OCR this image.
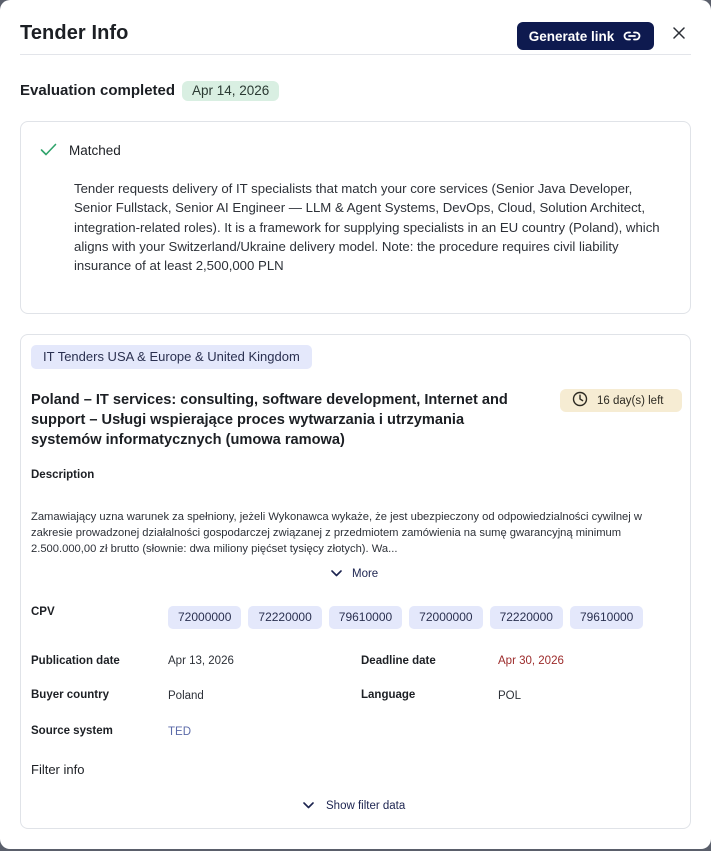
Tender Info	Generate link
Evaluation completed	Apr 14, 2026
Matched
Tender requests delivery of IT specialists that match your core services (Senior Java Developer, Senior Fullstack, Senior AI Engineer — LLM & Agent Systems, DevOps, Cloud, Solution Architect, integration-related roles). It is a framework for supplying specialists in an EU country (Poland), which aligns with your Switzerland/Ukraine delivery model. Note: the procedure requires civil liability insurance of at least 2,500,000 PLN
IT Tenders USA & Europe & United Kingdom
Poland – IT services: consulting, software development, Internet and support – Usługi wspierające proces wytwarzania i utrzymania systemów informatycznych (umowa ramowa)
16 day(s) left
Description
Zamawiający uzna warunek za spełniony, jeżeli Wykonawca wykaże, że jest ubezpieczony od odpowiedzialności cywilnej w zakresie prowadzonej działalności gospodarczej związanej z przedmiotem zamówienia na sumę gwarancyjną minimum 2.500.000,00 zł brutto (słownie: dwa miliony pięćset tysięcy złotych). Wa...
More
CPV	72000000	72220000	79610000	72000000	72220000	79610000
Publication date	Apr 13, 2026	Deadline date	Apr 30, 2026
Buyer country	Poland	Language	POL
Source system	TED
Filter info
Show filter data
